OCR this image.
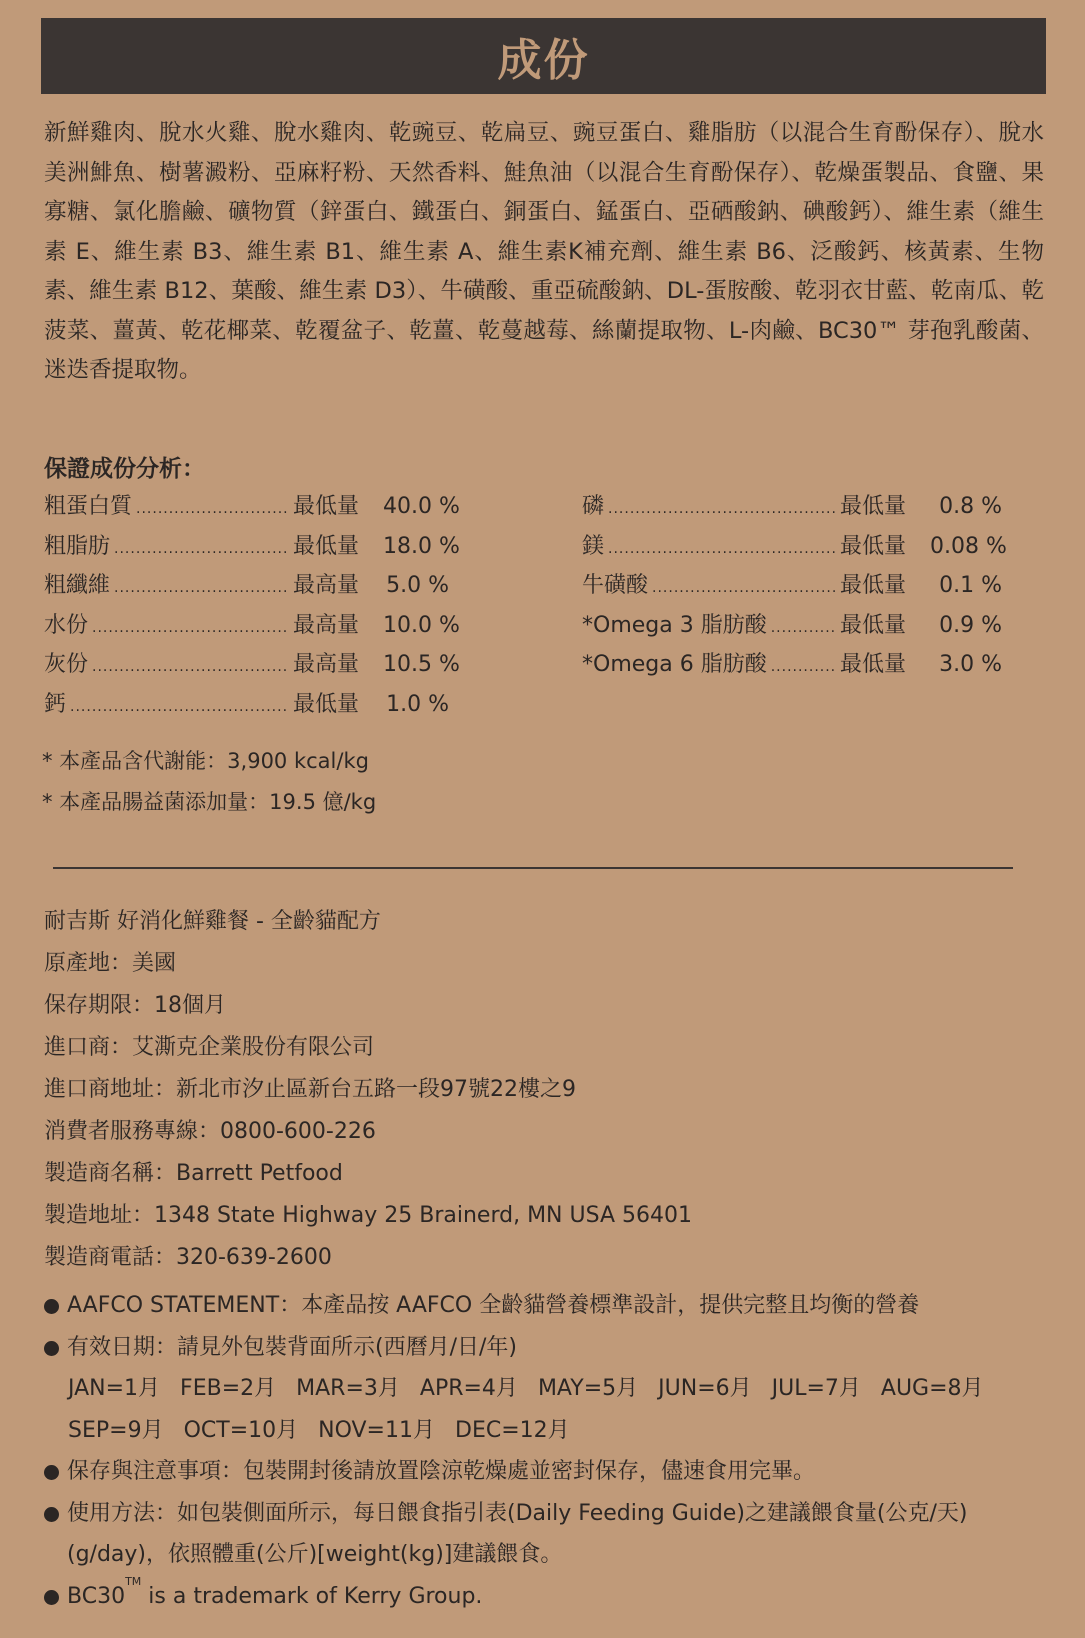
成份

新鮮雞肉、脫水火雞、脫水雞肉、乾豌豆、乾扁豆、豌豆蛋白、雞脂肪（以混合生育酚保存）、脫水美洲鯡魚、樹薯澱粉、亞麻籽粉、天然香料、鮭魚油（以混合生育酚保存）、乾燥蛋製品、食鹽、果寡糖、氯化膽鹼、礦物質（鋅蛋白、鐵蛋白、銅蛋白、錳蛋白、亞硒酸鈉、碘酸鈣）、維生素（維生素 E、維生素 B3、維生素 B1、維生素 A、維生素K補充劑、維生素 B6、泛酸鈣、核黃素、生物素、維生素 B12、葉酸、維生素 D3）、牛磺酸、重亞硫酸鈉、DL-蛋胺酸、乾羽衣甘藍、乾南瓜、乾菠菜、薑黃、乾花椰菜、乾覆盆子、乾薑、乾蔓越莓、絲蘭提取物、L-肉鹼、BC30™ 芽孢乳酸菌、迷迭香提取物。

保證成份分析：
粗蛋白質 .....	最低量	40.0 %
粗脂肪 .....	最低量	18.0 %
粗纖維 .....	最高量	5.0 %
水份 .....	最高量	10.0 %
灰份 .....	最高量	10.5 %
鈣 .....	最低量	1.0 %
磷 .....	最低量	0.8 %
鎂 .....	最低量	0.08 %
牛磺酸 .....	最低量	0.1 %
*Omega 3 脂肪酸 .....	最低量	0.9 %
*Omega 6 脂肪酸 .....	最低量	3.0 %
* 本產品含代謝能：3,900 kcal/kg
* 本產品腸益菌添加量：19.5 億/kg
耐吉斯 好消化鮮雞餐 - 全齡貓配方
原產地：美國
保存期限：18個月
進口商：艾澌克企業股份有限公司
進口商地址：新北市汐止區新台五路一段97號22樓之9
消費者服務專線：0800-600-226
製造商名稱：Barrett Petfood
製造地址：1348 State Highway 25 Brainerd, MN USA 56401
製造商電話：320-639-2600
AAFCO STATEMENT：本產品按 AAFCO 全齡貓營養標準設計，提供完整且均衡的營養
有效日期：請見外包裝背面所示(西曆月/日/年)
JAN=1月 FEB=2月 MAR=3月 APR=4月 MAY=5月 JUN=6月 JUL=7月 AUG=8月
SEP=9月 OCT=10月 NOV=11月 DEC=12月
保存與注意事項：包裝開封後請放置陰涼乾燥處並密封保存，儘速食用完畢。
使用方法：如包裝側面所示，每日餵食指引表(Daily Feeding Guide)之建議餵食量(公克/天) (g/day)，依照體重(公斤)[weight(kg)]建議餵食。
BC30™ is a trademark of Kerry Group.
